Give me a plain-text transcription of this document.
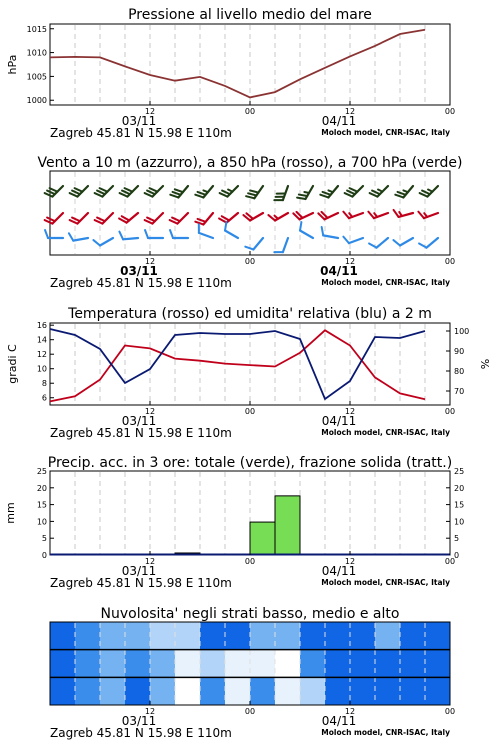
Pressione al livello medio del mare
1000
1005
1010
1015
hPa
12	00	12	00
03/11	04/11
Zagreb 45.81 N 15.98 E 110m	Moloch model, CNR-ISAC, Italy
Vento a 10 m (azzurro), a 850 hPa (rosso), a 700 hPa (verde)
12	00	12	00
03/11	04/11
Zagreb 45.81 N 15.98 E 110m	Moloch model, CNR-ISAC, Italy
Temperatura (rosso) ed umidita' relativa (blu) a 2 m
6
8
10
12
14
16
70
80
90
100
gradi C	%
12	00	12	00
03/11	04/11
Zagreb 45.81 N 15.98 E 110m	Moloch model, CNR-ISAC, Italy
Precip. acc. in 3 ore: totale (verde), frazione solida (tratt.)
0
5
10
15
20
25
0
5
10
15
20
25
mm
12	00	12	00
03/11	04/11
Zagreb 45.81 N 15.98 E 110m	Moloch model, CNR-ISAC, Italy
Nuvolosita' negli strati basso, medio e alto
12	00	12	00
03/11	04/11
Zagreb 45.81 N 15.98 E 110m	Moloch model, CNR-ISAC, Italy
